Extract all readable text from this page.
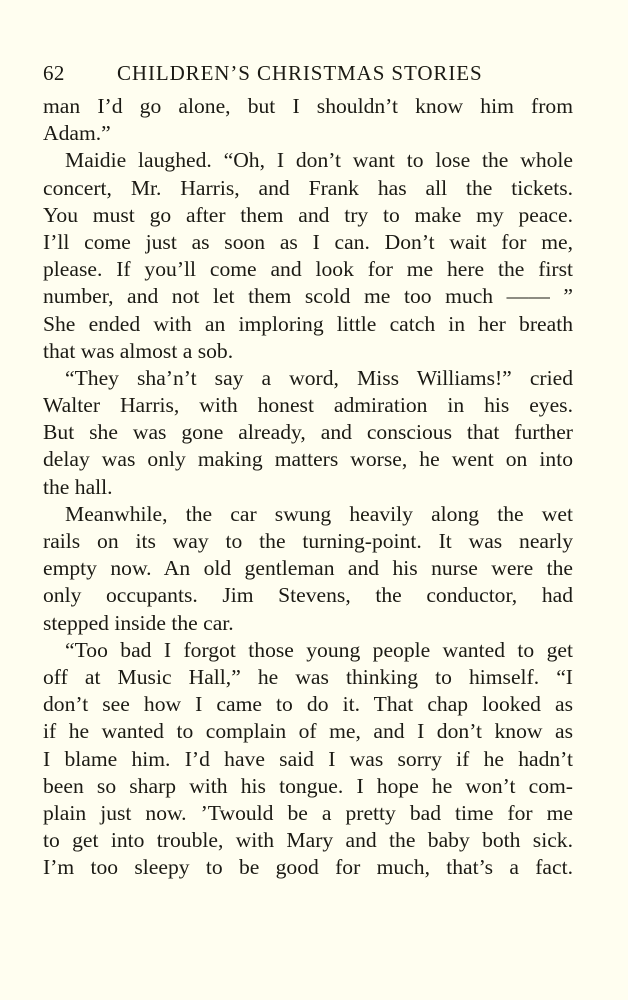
62 CHILDREN’S CHRISTMAS STORIES
man I’d go alone, but I shouldn’t know him from
Adam.”
Maidie laughed. “Oh, I don’t want to lose the whole
concert, Mr. Harris, and Frank has all the tickets.
You must go after them and try to make my peace.
I’ll come just as soon as I can. Don’t wait for me,
please. If you’ll come and look for me here the first
number, and not let them scold me too much —— ”
She ended with an imploring little catch in her breath
that was almost a sob.
“They sha’n’t say a word, Miss Williams!” cried
Walter Harris, with honest admiration in his eyes.
But she was gone already, and conscious that further
delay was only making matters worse, he went on into
the hall.
Meanwhile, the car swung heavily along the wet
rails on its way to the turning-point. It was nearly
empty now. An old gentleman and his nurse were the
only occupants. Jim Stevens, the conductor, had
stepped inside the car.
“Too bad I forgot those young people wanted to get
off at Music Hall,” he was thinking to himself. “I
don’t see how I came to do it. That chap looked as
if he wanted to complain of me, and I don’t know as
I blame him. I’d have said I was sorry if he hadn’t
been so sharp with his tongue. I hope he won’t com-
plain just now. ’Twould be a pretty bad time for me
to get into trouble, with Mary and the baby both sick.
I’m too sleepy to be good for much, that’s a fact.
